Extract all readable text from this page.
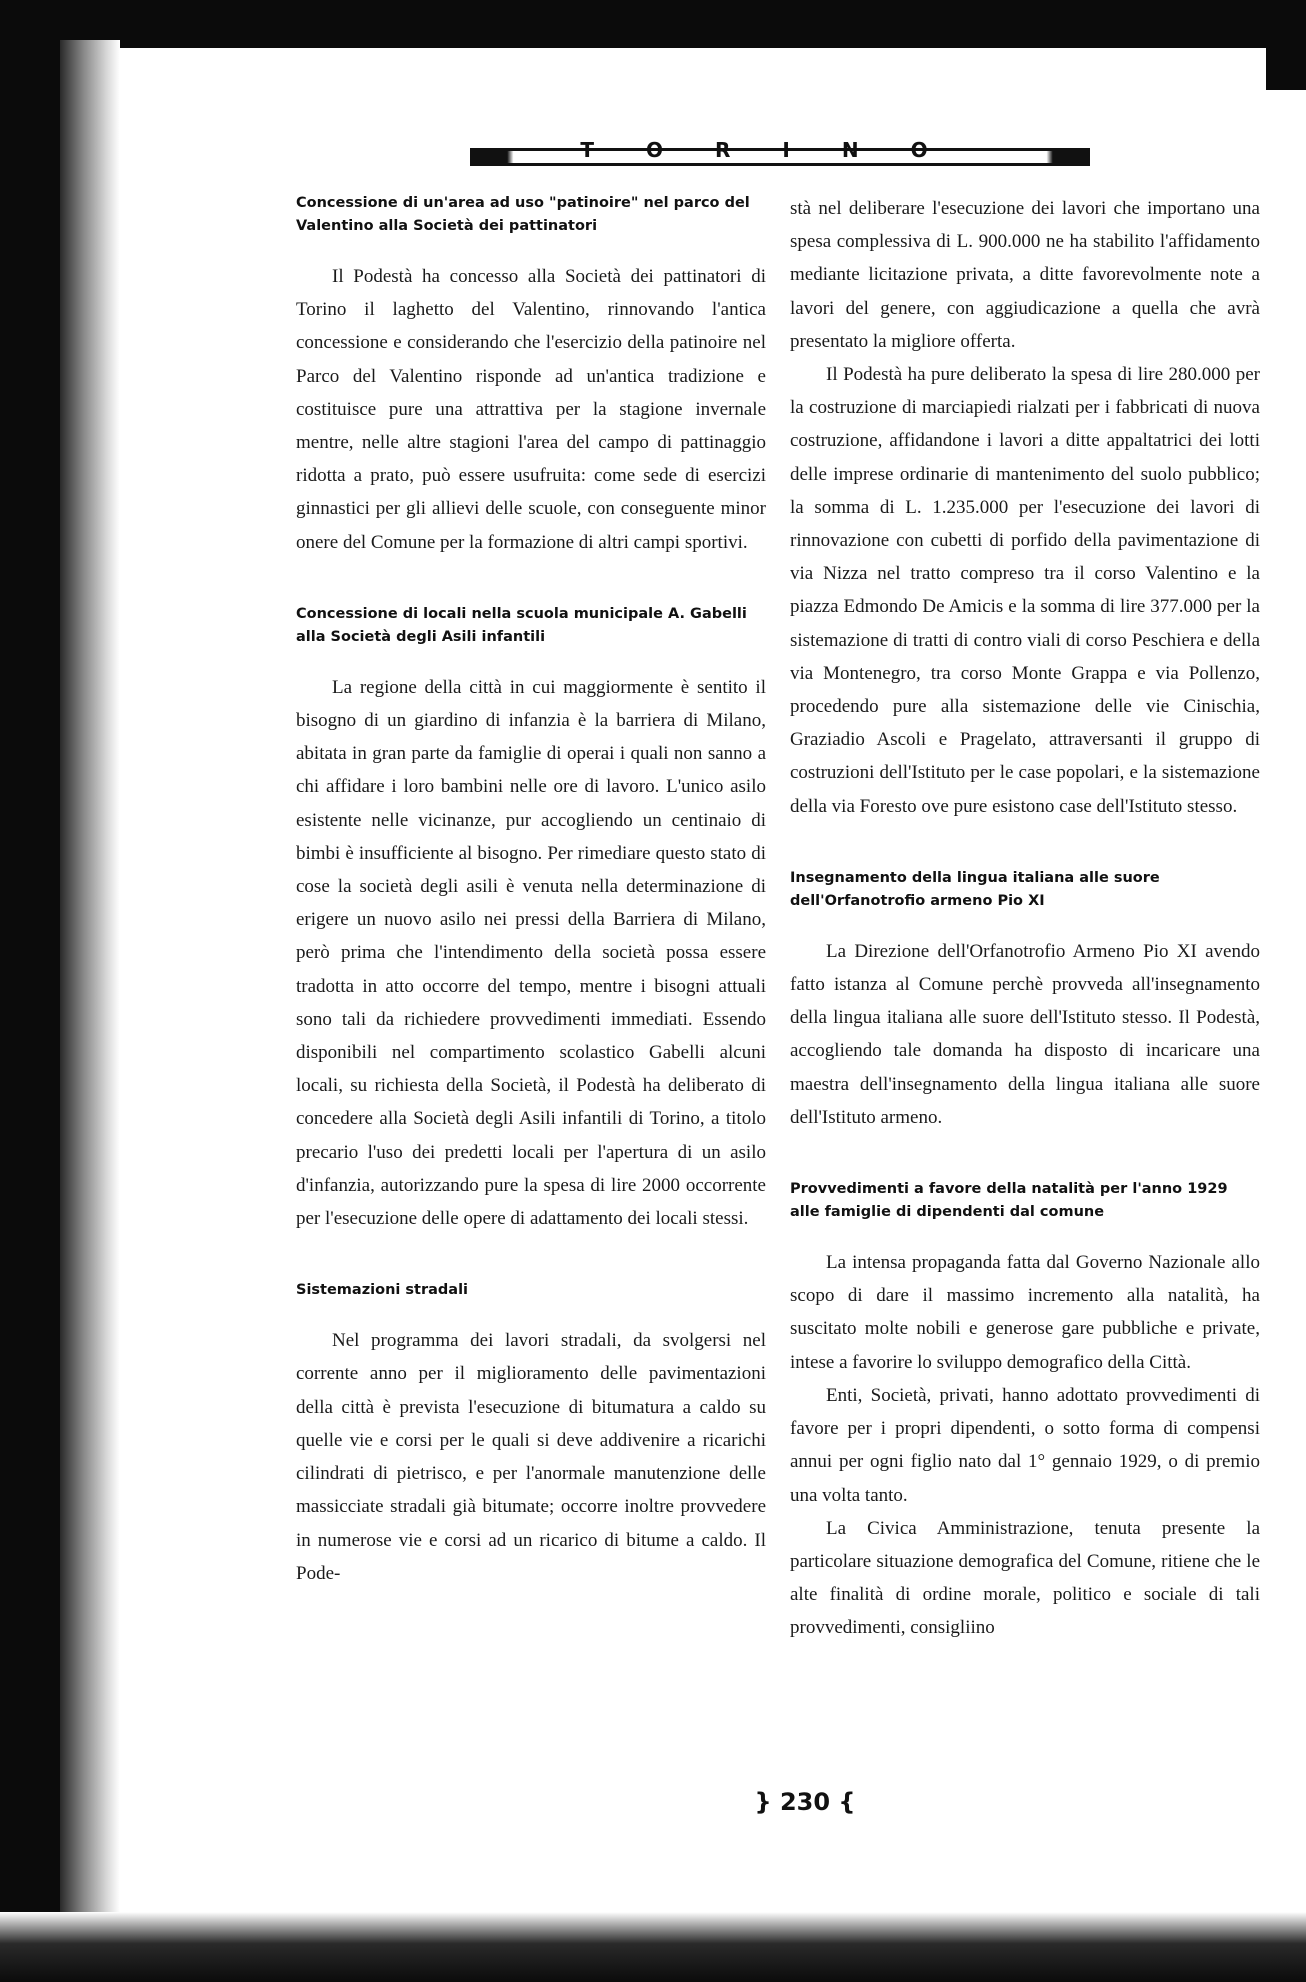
TORINO
Concessione di un'area ad uso "patinoire" nel parco del Valentino alla Società dei pattinatori

Il Podestà ha concesso alla Società dei pattinatori di Torino il laghetto del Valentino, rinnovando l'antica concessione e considerando che l'esercizio della patinoire nel Parco del Valentino risponde ad un'antica tradizione e costituisce pure una attrattiva per la stagione invernale mentre, nelle altre stagioni l'area del campo di pattinaggio ridotta a prato, può essere usufruita: come sede di esercizi ginnastici per gli allievi delle scuole, con conseguente minor onere del Comune per la formazione di altri campi sportivi.

Concessione di locali nella scuola municipale A. Gabelli alla Società degli Asili infantili

La regione della città in cui maggiormente è sentito il bisogno di un giardino di infanzia è la barriera di Milano, abitata in gran parte da famiglie di operai i quali non sanno a chi affidare i loro bambini nelle ore di lavoro. L'unico asilo esistente nelle vicinanze, pur accogliendo un centinaio di bimbi è insufficiente al bisogno. Per rimediare questo stato di cose la società degli asili è venuta nella determinazione di erigere un nuovo asilo nei pressi della Barriera di Milano, però prima che l'intendimento della società possa essere tradotta in atto occorre del tempo, mentre i bisogni attuali sono tali da richiedere provvedimenti immediati. Essendo disponibili nel compartimento scolastico Gabelli alcuni locali, su richiesta della Società, il Podestà ha deliberato di concedere alla Società degli Asili infantili di Torino, a titolo precario l'uso dei predetti locali per l'apertura di un asilo d'infanzia, autorizzando pure la spesa di lire 2000 occorrente per l'esecuzione delle opere di adattamento dei locali stessi.

Sistemazioni stradali

Nel programma dei lavori stradali, da svolgersi nel corrente anno per il miglioramento delle pavimentazioni della città è prevista l'esecuzione di bitumatura a caldo su quelle vie e corsi per le quali si deve addivenire a ricarichi cilindrati di pietrisco, e per l'anormale manutenzione delle massicciate stradali già bitumate; occorre inoltre provvedere in numerose vie e corsi ad un ricarico di bitume a caldo. Il Pode-

stà nel deliberare l'esecuzione dei lavori che importano una spesa complessiva di L. 900.000 ne ha stabilito l'affidamento mediante licitazione privata, a ditte favorevolmente note a lavori del genere, con aggiudicazione a quella che avrà presentato la migliore offerta.

Il Podestà ha pure deliberato la spesa di lire 280.000 per la costruzione di marciapiedi rialzati per i fabbricati di nuova costruzione, affidandone i lavori a ditte appaltatrici dei lotti delle imprese ordinarie di mantenimento del suolo pubblico; la somma di L. 1.235.000 per l'esecuzione dei lavori di rinnovazione con cubetti di porfido della pavimentazione di via Nizza nel tratto compreso tra il corso Valentino e la piazza Edmondo De Amicis e la somma di lire 377.000 per la sistemazione di tratti di contro viali di corso Peschiera e della via Montenegro, tra corso Monte Grappa e via Pollenzo, procedendo pure alla sistemazione delle vie Cinischia, Graziadio Ascoli e Pragelato, attraversanti il gruppo di costruzioni dell'Istituto per le case popolari, e la sistemazione della via Foresto ove pure esistono case dell'Istituto stesso.

Insegnamento della lingua italiana alle suore dell'Orfanotrofio armeno Pio XI

La Direzione dell'Orfanotrofio Armeno Pio XI avendo fatto istanza al Comune perchè provveda all'insegnamento della lingua italiana alle suore dell'Istituto stesso. Il Podestà, accogliendo tale domanda ha disposto di incaricare una maestra dell'insegnamento della lingua italiana alle suore dell'Istituto armeno.

Provvedimenti a favore della natalità per l'anno 1929 alle famiglie di dipendenti dal comune

La intensa propaganda fatta dal Governo Nazionale allo scopo di dare il massimo incremento alla natalità, ha suscitato molte nobili e generose gare pubbliche e private, intese a favorire lo sviluppo demografico della Città.

Enti, Società, privati, hanno adottato provvedimenti di favore per i propri dipendenti, o sotto forma di compensi annui per ogni figlio nato dal 1° gennaio 1929, o di premio una volta tanto.

La Civica Amministrazione, tenuta presente la particolare situazione demografica del Comune, ritiene che le alte finalità di ordine morale, politico e sociale di tali provvedimenti, consigliino

} 230 {
